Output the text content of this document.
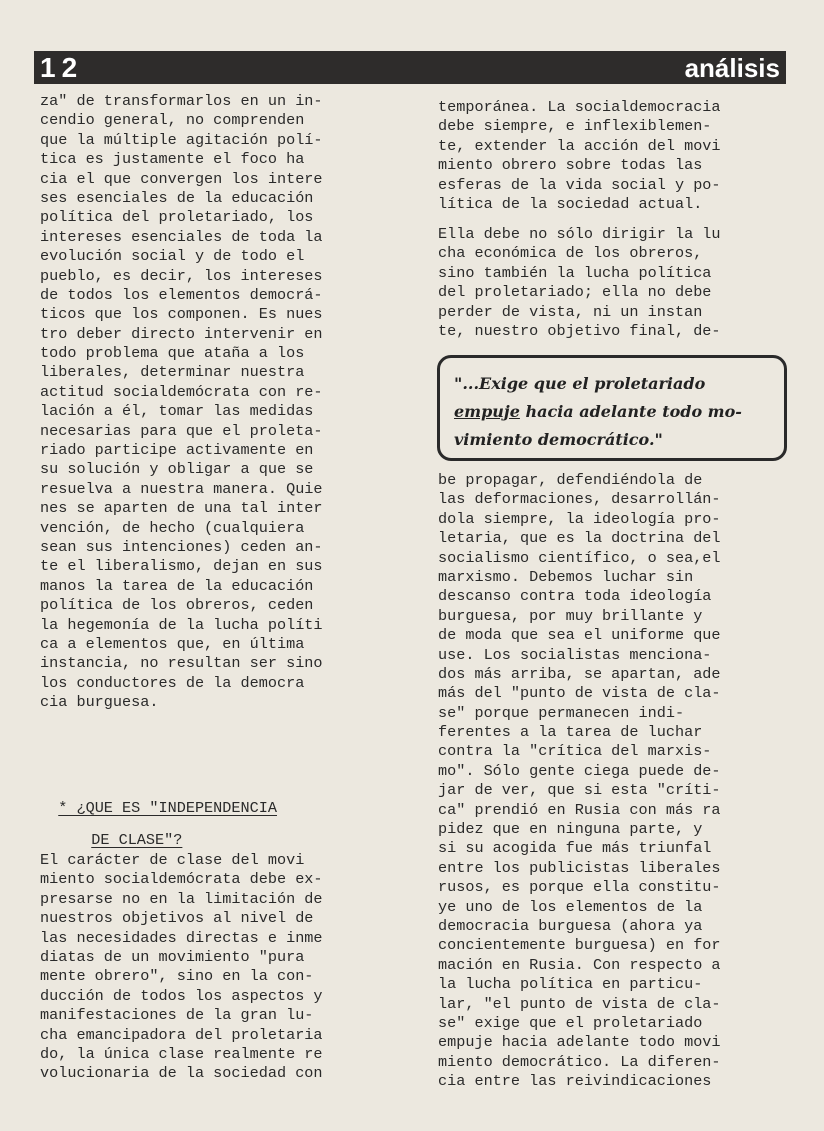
12	análisis
za" de transformarlos en un in-
cendio general, no comprenden
que la múltiple agitación polí-
tica es justamente el foco ha
cia el que convergen los intere
ses esenciales de la educación
política del proletariado, los
intereses esenciales de toda la
evolución social y de todo el
pueblo, es decir, los intereses
de todos los elementos democrá-
ticos que los componen. Es nues
tro deber directo intervenir en
todo problema que ataña a los
liberales, determinar nuestra
actitud socialdemócrata con re-
lación a él, tomar las medidas
necesarias para que el proleta-
riado participe activamente en
su solución y obligar a que se
resuelva a nuestra manera. Quie
nes se aparten de una tal inter
vención, de hecho (cualquiera
sean sus intenciones) ceden an-
te el liberalismo, dejan en sus
manos la tarea de la educación
política de los obreros, ceden
la hegemonía de la lucha políti
ca a elementos que, en última
instancia, no resultan ser sino
los conductores de la democra
cia burguesa.

* ¿QUE ES "INDEPENDENCIA

DE CLASE"?

El carácter de clase del movi
miento socialdemócrata debe ex-
presarse no en la limitación de
nuestros objetivos al nivel de
las necesidades directas e inme
diatas de un movimiento "pura
mente obrero", sino en la con-
ducción de todos los aspectos y
manifestaciones de la gran lu-
cha emancipadora del proletaria
do, la única clase realmente re
volucionaria de la sociedad con
temporánea. La socialdemocracia
debe siempre, e inflexiblemen-
te, extender la acción del movi
miento obrero sobre todas las
esferas de la vida social y po-
lítica de la sociedad actual.
Ella debe no sólo dirigir la lu
cha económica de los obreros,
sino también la lucha política
del proletariado; ella no debe
perder de vista, ni un instan
te, nuestro objetivo final, de-
"...Exige que el proletariado
empuje hacia adelante todo mo-
vimiento democrático."
be propagar, defendiéndola de
las deformaciones, desarrollán-
dola siempre, la ideología pro-
letaria, que es la doctrina del
socialismo científico, o sea,el
marxismo. Debemos luchar sin
descanso contra toda ideología
burguesa, por muy brillante y
de moda que sea el uniforme que
use. Los socialistas menciona-
dos más arriba, se apartan, ade
más del "punto de vista de cla-
se" porque permanecen indi-
ferentes a la tarea de luchar
contra la "crítica del marxis-
mo". Sólo gente ciega puede de-
jar de ver, que si esta "críti-
ca" prendió en Rusia con más ra
pidez que en ninguna parte, y
si su acogida fue más triunfal
entre los publicistas liberales
rusos, es porque ella constitu-
ye uno de los elementos de la
democracia burguesa (ahora ya
concientemente burguesa) en for
mación en Rusia. Con respecto a
la lucha política en particu-
lar, "el punto de vista de cla-
se" exige que el proletariado
empuje hacia adelante todo movi
miento democrático. La diferen-
cia entre las reivindicaciones
